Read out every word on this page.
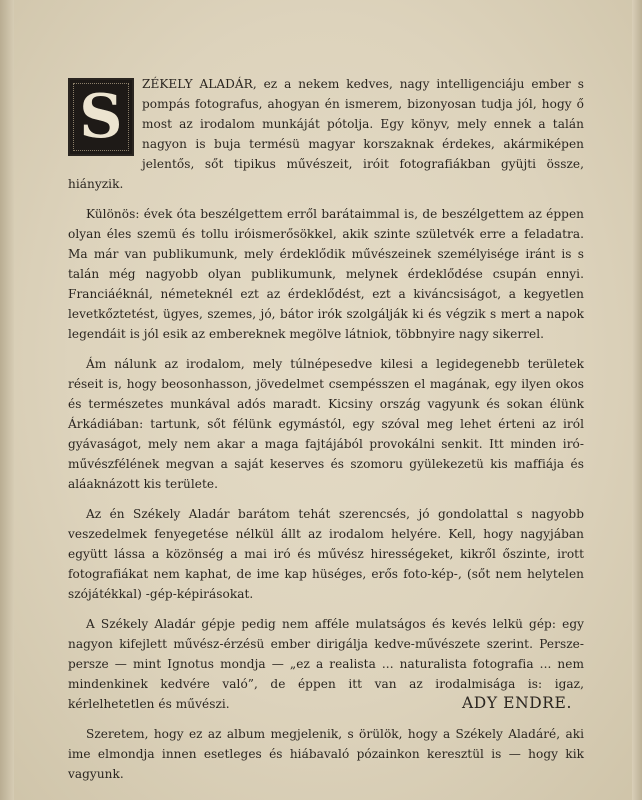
S	ZÉKELY ALADÁR, ez a nekem kedves, nagy intelligenciáju ember s pompás fotografus, ahogyan én ismerem, bizonyosan tudja jól, hogy ő most az irodalom munkáját pótolja. Egy könyv, mely ennek a talán nagyon is buja termésü magyar korszaknak érdekes, akármiképen jelentős, sőt tipikus művészeit, iróit fotografiákban gyüjti össze, hiányzik.

Különös: évek óta beszélgettem erről barátaimmal is, de beszélgettem az éppen olyan éles szemü és tollu iróismerősökkel, akik szinte születvék erre a feladatra. Ma már van publikumunk, mely érdeklődik művészeinek személyisége iránt is s talán még nagyobb olyan publikumunk, melynek érdeklődése csupán ennyi. Franciáéknál, németeknél ezt az érdeklődést, ezt a kiváncsiságot, a kegyetlen levetkőztetést, ügyes, szemes, jó, bátor irók szolgálják ki és végzik s mert a napok legendáit is jól esik az embereknek megölve látniok, többnyire nagy sikerrel.

Ám nálunk az irodalom, mely túlnépesedve kilesi a legidegenebb területek réseit is, hogy beosonhasson, jövedelmet csempésszen el magának, egy ilyen okos és természetes munkával adós maradt. Kicsiny ország vagyunk és sokan élünk Árkádiában: tartunk, sőt félünk egymástól, egy szóval meg lehet érteni az iról gyávaságot, mely nem akar a maga fajtájából provokálni senkit. Itt minden iró-művészfélének megvan a saját keserves és szomoru gyülekezetü kis maffiája és aláaknázott kis területe.

Az én Székely Aladár barátom tehát szerencsés, jó gondolattal s nagyobb veszedelmek fenyegetése nélkül állt az irodalom helyére. Kell, hogy nagyjában együtt lássa a közönség a mai iró és művész hirességeket, kikről őszinte, irott fotografiákat nem kaphat, de ime kap hüséges, erős foto-kép-, (sőt nem helytelen szójátékkal) -gép-képirásokat.

A Székely Aladár gépje pedig nem afféle mulatságos és kevés lelkü gép: egy nagyon kifejlett művész-érzésü ember dirigálja kedve-művészete szerint. Persze-persze — mint Ignotus mondja — „ez a realista ... naturalista fotografia ... nem mindenkinek kedvére való”, de éppen itt van az irodalmisága is: igaz, kérlelhetetlen és művészi.

Szeretem, hogy ez az album megjelenik, s örülök, hogy a Székely Aladáré, aki ime elmondja innen esetleges és hiábavaló pózainkon keresztül is — hogy kik vagyunk.

ADY ENDRE.
